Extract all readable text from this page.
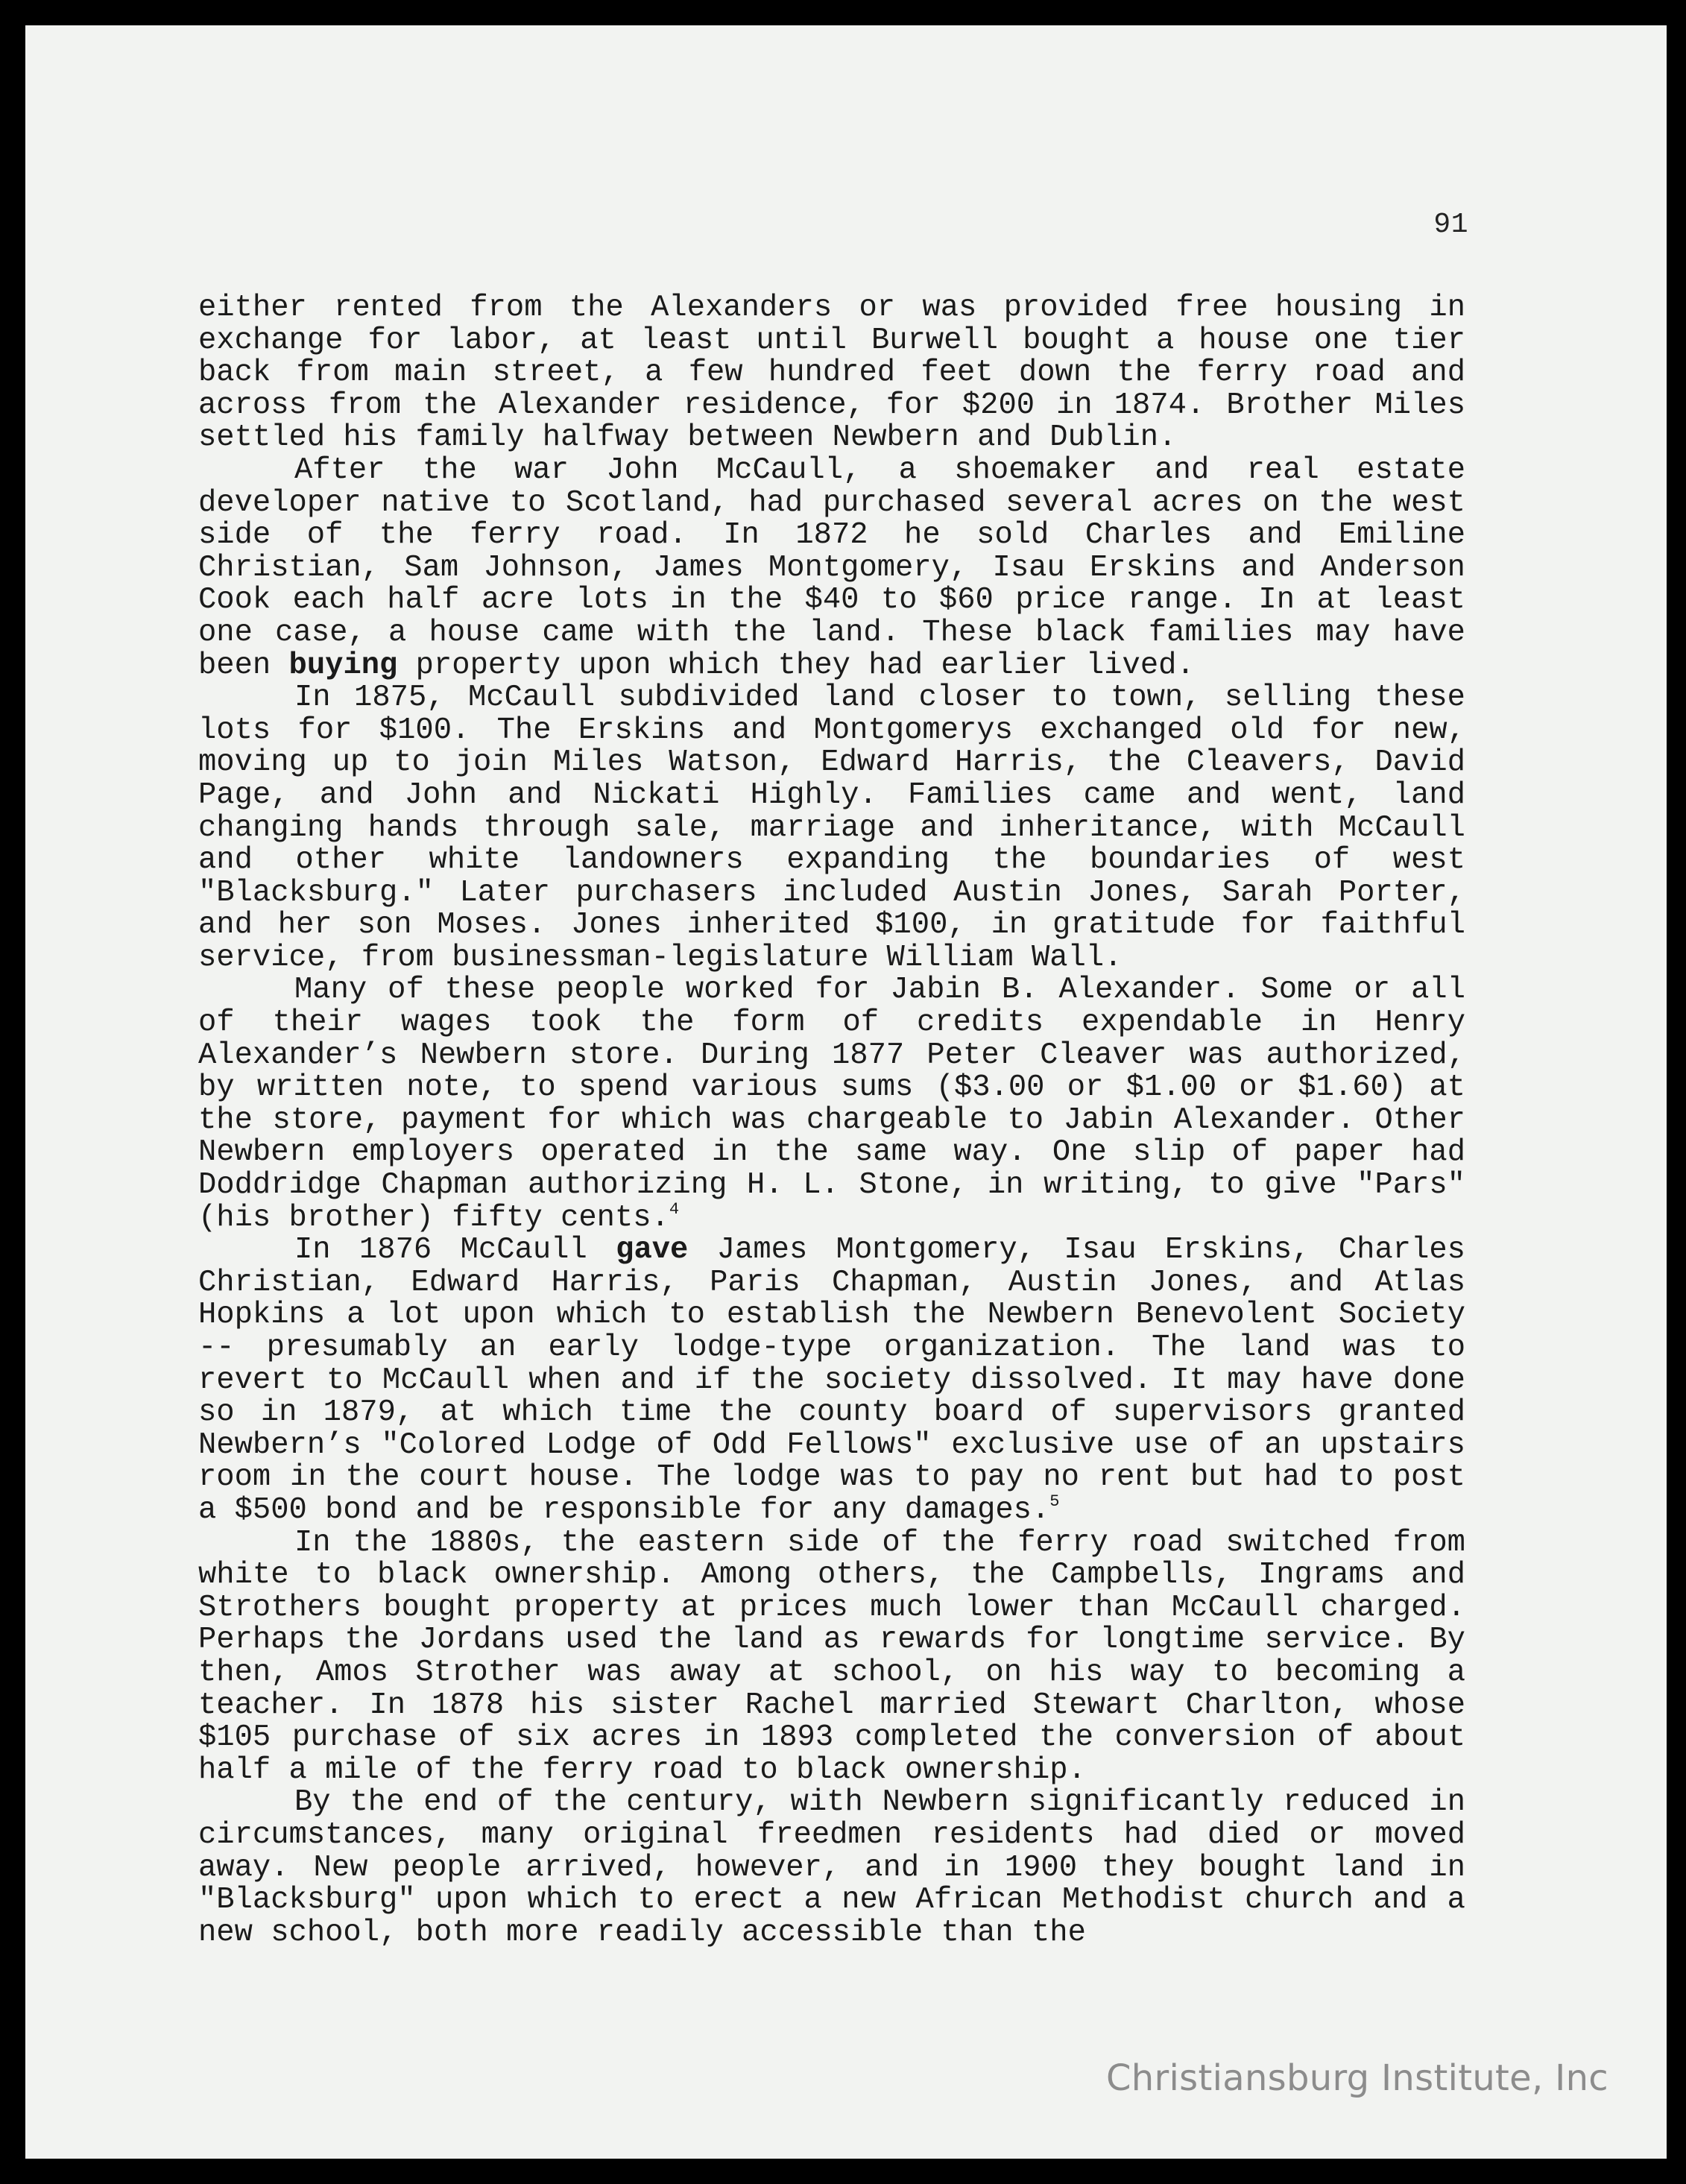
91

either rented from the Alexanders or was provided free housing in exchange for labor, at least until Burwell bought a house one tier back from main street, a few hundred feet down the ferry road and across from the Alexander residence, for $200 in 1874. Brother Miles settled his family halfway between Newbern and Dublin.

After the war John McCaull, a shoemaker and real estate developer native to Scotland, had purchased several acres on the west side of the ferry road. In 1872 he sold Charles and Emiline Christian, Sam Johnson, James Montgomery, Isau Erskins and Anderson Cook each half acre lots in the $40 to $60 price range. In at least one case, a house came with the land. These black families may have been buying property upon which they had earlier lived.

In 1875, McCaull subdivided land closer to town, selling these lots for $100. The Erskins and Montgomerys exchanged old for new, moving up to join Miles Watson, Edward Harris, the Cleavers, David Page, and John and Nickati Highly. Families came and went, land changing hands through sale, marriage and inheritance, with McCaull and other white landowners expanding the boundaries of west "Blacksburg." Later purchasers included Austin Jones, Sarah Porter, and her son Moses. Jones inherited $100, in gratitude for faithful service, from businessman-legislature William Wall.

Many of these people worked for Jabin B. Alexander. Some or all of their wages took the form of credits expendable in Henry Alexander’s Newbern store. During 1877 Peter Cleaver was authorized, by written note, to spend various sums ($3.00 or $1.00 or $1.60) at the store, payment for which was chargeable to Jabin Alexander. Other Newbern employers operated in the same way. One slip of paper had Doddridge Chapman authorizing H. L. Stone, in writing, to give "Pars" (his brother) fifty cents.$^4$

In 1876 McCaull gave James Montgomery, Isau Erskins, Charles Christian, Edward Harris, Paris Chapman, Austin Jones, and Atlas Hopkins a lot upon which to establish the Newbern Benevolent Society -- presumably an early lodge-type organization. The land was to revert to McCaull when and if the society dissolved. It may have done so in 1879, at which time the county board of supervisors granted Newbern’s "Colored Lodge of Odd Fellows" exclusive use of an upstairs room in the court house. The lodge was to pay no rent but had to post a $500 bond and be responsible for any damages.$^5$

In the 1880s, the eastern side of the ferry road switched from white to black ownership. Among others, the Campbells, Ingrams and Strothers bought property at prices much lower than McCaull charged. Perhaps the Jordans used the land as rewards for longtime service. By then, Amos Strother was away at school, on his way to becoming a teacher. In 1878 his sister Rachel married Stewart Charlton, whose $105 purchase of six acres in 1893 completed the conversion of about half a mile of the ferry road to black ownership.

By the end of the century, with Newbern significantly reduced in circumstances, many original freedmen residents had died or moved away. New people arrived, however, and in 1900 they bought land in "Blacksburg" upon which to erect a new African Methodist church and a new school, both more readily accessible than the

Christiansburg Institute, Inc
